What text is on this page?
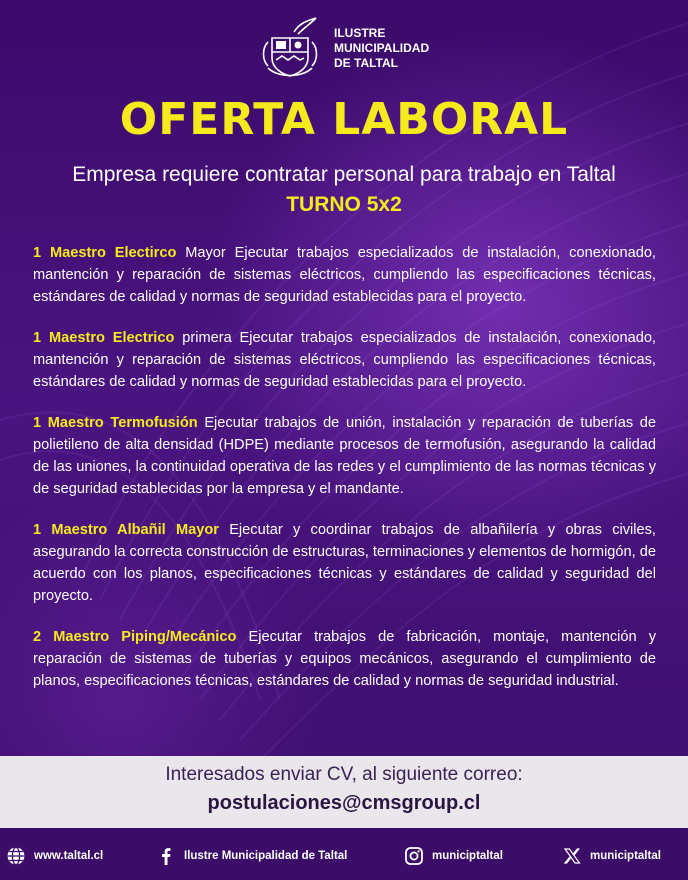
ILUSTRE
MUNICIPALIDAD
DE TALTAL
OFERTA LABORAL
Empresa requiere contratar personal para trabajo en Taltal
TURNO 5x2

1 Maestro Electirco Mayor Ejecutar trabajos especializados de instalación, conexionado, mantención y reparación de sistemas eléctricos, cumpliendo las especificaciones técnicas, estándares de calidad y normas de seguridad establecidas para el proyecto.

1 Maestro Electrico primera Ejecutar trabajos especializados de instalación, conexionado, mantención y reparación de sistemas eléctricos, cumpliendo las especificaciones técnicas, estándares de calidad y normas de seguridad establecidas para el proyecto.

1 Maestro Termofusión Ejecutar trabajos de unión, instalación y reparación de tuberías de polietileno de alta densidad (HDPE) mediante procesos de termofusión, asegurando la calidad de las uniones, la continuidad operativa de las redes y el cumplimiento de las normas técnicas y de seguridad establecidas por la empresa y el mandante.

1 Maestro Albañil Mayor Ejecutar y coordinar trabajos de albañilería y obras civiles, asegurando la correcta construcción de estructuras, terminaciones y elementos de hormigón, de acuerdo con los planos, especificaciones técnicas y estándares de calidad y seguridad del proyecto.

2 Maestro Piping/Mecánico Ejecutar trabajos de fabricación, montaje, mantención y reparación de sistemas de tuberías y equipos mecánicos, asegurando el cumplimiento de planos, especificaciones técnicas, estándares de calidad y normas de seguridad industrial.

Interesados enviar CV, al siguiente correo:
postulaciones@cmsgroup.cl
www.taltal.cl	Ilustre Municipalidad de Taltal	municiptaltal	municiptaltal
